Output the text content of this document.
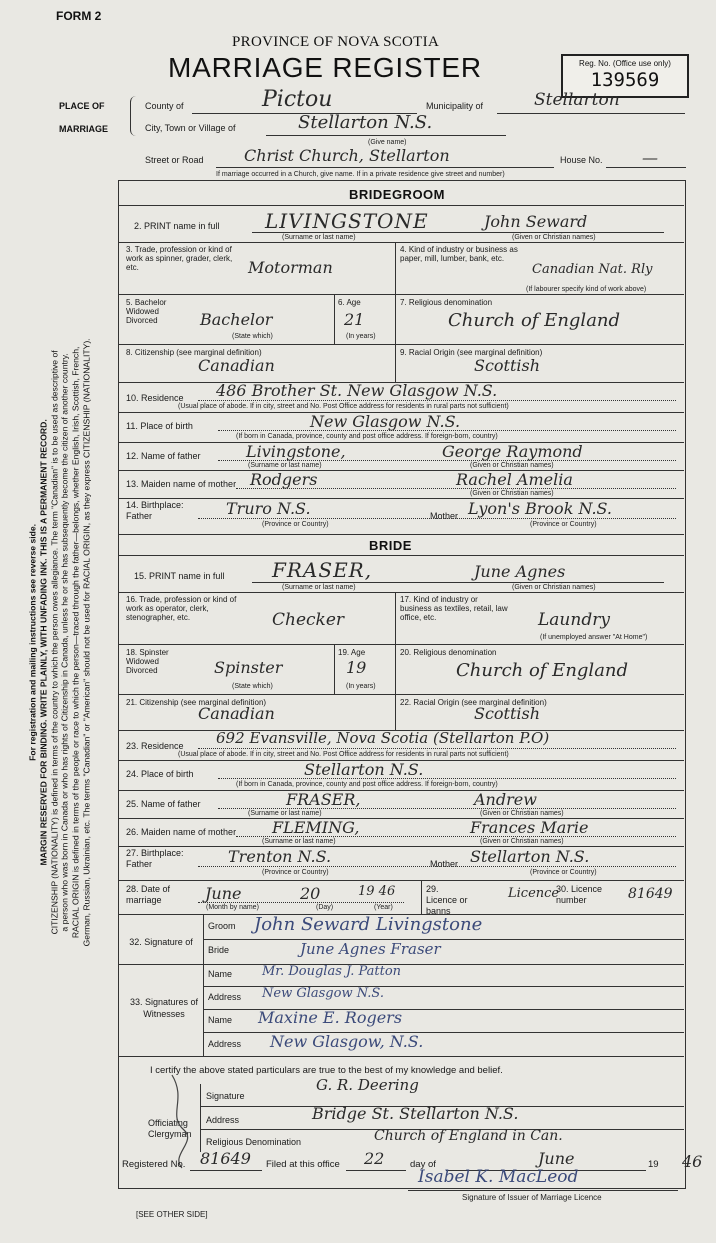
FORM 2
PROVINCE OF NOVA SCOTIA
MARRIAGE REGISTER	Reg. No. (Office use only)
139569
PLACE OF
MARRIAGE
County of	Pictou	Municipality of	Stellarton
City, Town or Village of	Stellarton N.S.
(Give name)
Street or Road	Christ Church, Stellarton	House No. —
If marriage occurred in a Church, give name. If in a private residence give street and number)
For registration and mailing instructions see reverse side. MARGIN RESERVED FOR BINDING. WRITE PLAINLY, WITH UNFADING INK. THIS IS A PERMANENT RECORD. CITIZENSHIP (NATIONALITY) is defined in terms of the country to which the person owes allegiance. The term "Canadian" is to be used as descriptive of a person who was born in Canada or who has rights of Citizenship in Canada, unless he or she has subsequently become the citizen of another country. RACIAL ORIGIN is defined in terms of the people or race to which the person—traced through the father—belongs, whether English, Irish, Scottish, French, German, Russian, Ukrainian, etc. The terms "Canadian" or "American" should not be used for RACIAL ORIGIN, as they express CITIZENSHIP (NATIONALITY).
BRIDEGROOM
2. PRINT name in full LIVINGSTONE	John Seward
(Surname or last name)	(Given or Christian names)
3. Trade, profession or kind of work as spinner, grader, clerk, etc.	Motorman
4. Kind of industry or business as paper, mill, lumber, bank, etc.
Canadian Nat. Rly
(If labourer specify kind of work above)
5. Bachelor Widowed Divorced	Bachelor
(State which)
6. Age
21
(In years)
7. Religious denomination
Church of England
8. Citizenship (see marginal definition)
Canadian
9. Racial Origin (see marginal definition)
Scottish
10. Residence 486 Brother St. New Glasgow N.S.
(Usual place of abode. If in city, street and No. Post Office address for residents in rural parts not sufficient)
11. Place of birth	New Glasgow N.S.
(If born in Canada, province, county and post office address. If foreign-born, country)
12. Name of father	Livingstone,	George Raymond
(Surname or last name)	(Given or Christian names)
13. Maiden name of mother Rodgers	Rachel Amelia
(Given or Christian names)
14. Birthplace: Father	Truro N.S.	Mother Lyon's Brook N.S.
(Province or Country)	(Province or Country)
BRIDE
15. PRINT name in full FRASER,	June Agnes
(Surname or last name)	(Given or Christian names)
16. Trade, profession or kind of work as operator, clerk, stenographer, etc.	Checker
17. Kind of industry or business as textiles, retail, law office, etc.	Laundry
(If unemployed answer "At Home")
18. Spinster Widowed Divorced	Spinster
(State which)
19. Age
19
(In years)
20. Religious denomination
Church of England
21. Citizenship (see marginal definition)
Canadian
22. Racial Origin (see marginal definition)
Scottish
23. Residence 692 Evansville, Nova Scotia (Stellarton P.O)
(Usual place of abode. If in city, street and No. Post Office address for residents in rural parts not sufficient)
24. Place of birth	Stellarton N.S.
(If born in Canada, province, county and post office address. If foreign-born, country)
25. Name of father	FRASER,	Andrew
(Surname or last name)	(Given or Christian names)
26. Maiden name of mother FLEMING,	Frances Marie
(Surname or last name)	(Given or Christian names)
27. Birthplace: Father	Trenton N.S.	Mother Stellarton N.S.
(Province or Country)	(Province or Country)
28. Date of marriage	June	20	19 46
(Month by name)	(Day)	(Year)
29. Licence or banns
Licence
30. Licence number	81649
32. Signature of
Groom John Seward Livingstone
Bride	June Agnes Fraser
33. Signatures of Witnesses
Name Mr. Douglas J. Patton
Address New Glasgow N.S.
Name Maxine E. Rogers
Address New Glasgow, N.S.
I certify the above stated particulars are true to the best of my knowledge and belief.
G. R. Deering
Officiating Clergyman
Signature
Address	Bridge St. Stellarton N.S.
Religious Denomination	Church of England in Can.
Registered No. 81649 Filed at this office 22	day of	June	19 46
Isabel K. MacLeod
Signature of Issuer of Marriage Licence
[SEE OTHER SIDE]
